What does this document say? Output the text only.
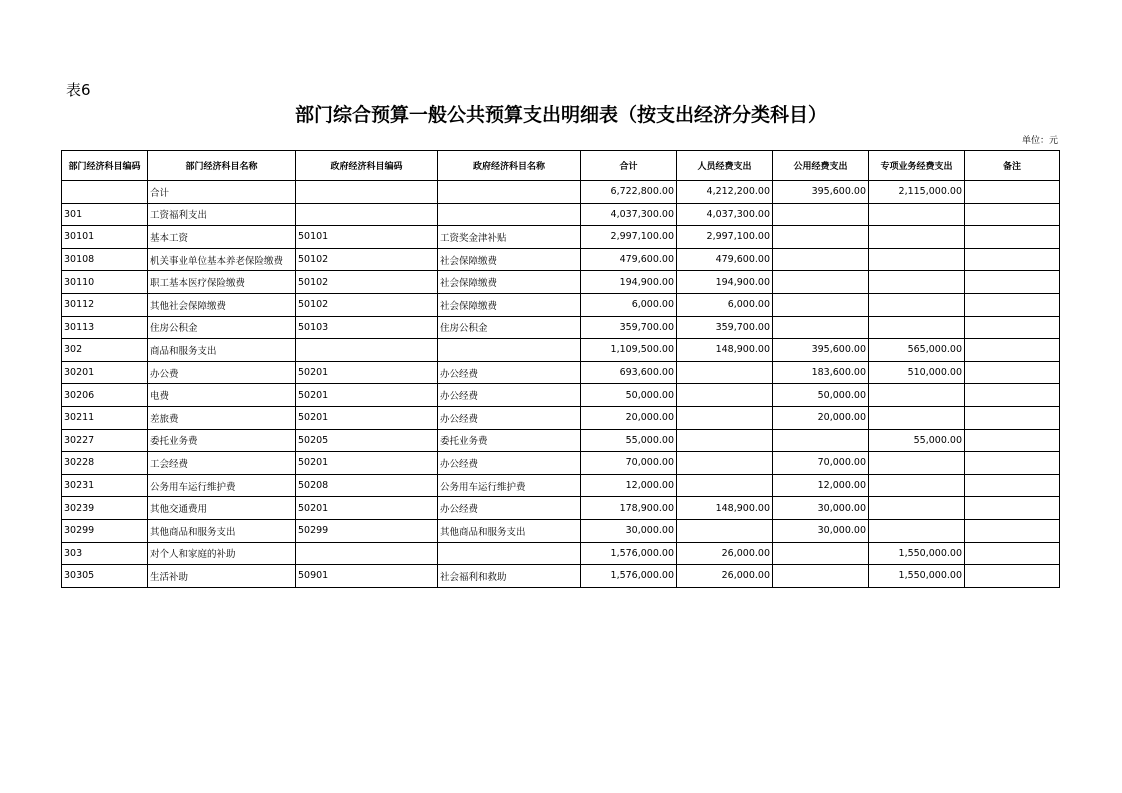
表6
部门综合预算一般公共预算支出明细表（按支出经济分类科目）
单位：元
部门经济科目编码	部门经济科目名称	政府经济科目编码	政府经济科目名称	合计	人员经费支出	公用经费支出	专项业务经费支出	备注
	合计			6,722,800.00	4,212,200.00	395,600.00	2,115,000.00	
301	工资福利支出			4,037,300.00	4,037,300.00			
30101	基本工资	50101	工资奖金津补贴	2,997,100.00	2,997,100.00			
30108	机关事业单位基本养老保险缴费	50102	社会保障缴费	479,600.00	479,600.00			
30110	职工基本医疗保险缴费	50102	社会保障缴费	194,900.00	194,900.00			
30112	其他社会保障缴费	50102	社会保障缴费	6,000.00	6,000.00			
30113	住房公积金	50103	住房公积金	359,700.00	359,700.00			
302	商品和服务支出			1,109,500.00	148,900.00	395,600.00	565,000.00	
30201	办公费	50201	办公经费	693,600.00		183,600.00	510,000.00	
30206	电费	50201	办公经费	50,000.00		50,000.00		
30211	差旅费	50201	办公经费	20,000.00		20,000.00		
30227	委托业务费	50205	委托业务费	55,000.00			55,000.00	
30228	工会经费	50201	办公经费	70,000.00		70,000.00		
30231	公务用车运行维护费	50208	公务用车运行维护费	12,000.00		12,000.00		
30239	其他交通费用	50201	办公经费	178,900.00	148,900.00	30,000.00		
30299	其他商品和服务支出	50299	其他商品和服务支出	30,000.00		30,000.00		
303	对个人和家庭的补助			1,576,000.00	26,000.00		1,550,000.00	
30305	生活补助	50901	社会福利和救助	1,576,000.00	26,000.00		1,550,000.00	
